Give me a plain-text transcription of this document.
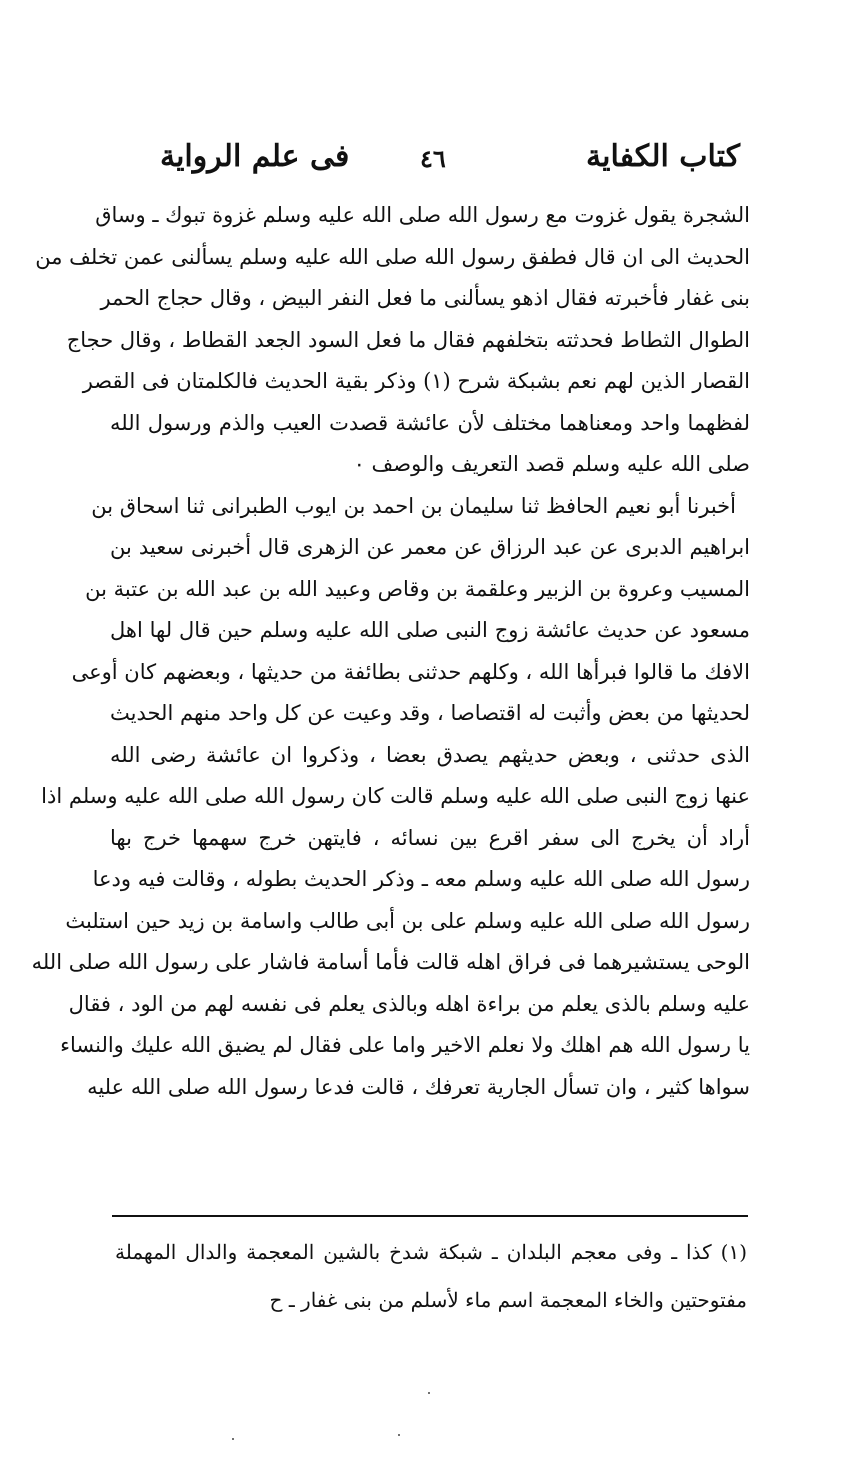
كتاب الكفاية
٤٦
فى علم الرواية
الشجرة يقول غزوت مع رسول الله صلى الله عليه وسلم غزوة تبوك ـ وساق
الحديث الى ان قال فطفق رسول الله صلى الله عليه وسلم يسألنى عمن تخلف من
بنى غفار فأخبرته فقال اذهو يسألنى ما فعل النفر البيض ، وقال حجاج الحمر
الطوال الثطاط فحدثته بتخلفهم فقال ما فعل السود الجعد القطاط ، وقال حجاج
القصار الذين لهم نعم بشبكة شرح (١) وذكر بقية الحديث فالكلمتان فى القصر
لفظهما واحد ومعناهما مختلف لأن عائشة قصدت العيب والذم ورسول الله
صلى الله عليه وسلم قصد التعريف والوصف ٠
أخبرنا أبو نعيم الحافظ ثنا سليمان بن احمد بن ايوب الطبرانى ثنا اسحاق بن
ابراهيم الدبرى عن عبد الرزاق عن معمر عن الزهرى قال أخبرنى سعيد بن
المسيب وعروة بن الزبير وعلقمة بن وقاص وعبيد الله بن عبد الله بن عتبة بن
مسعود عن حديث عائشة زوج النبى صلى الله عليه وسلم حين قال لها اهل
الافك ما قالوا فبرأها الله ، وكلهم حدثنى بطائفة من حديثها ، وبعضهم كان أوعى
لحديثها من بعض وأثبت له اقتصاصا ، وقد وعيت عن كل واحد منهم الحديث
الذى حدثنى ، وبعض حديثهم يصدق بعضا ، وذكروا ان عائشة رضى الله
عنها زوج النبى صلى الله عليه وسلم قالت كان رسول الله صلى الله عليه وسلم اذا
أراد أن يخرج الى سفر اقرع بين نسائه ، فايتهن خرج سهمها خرج بها
رسول الله صلى الله عليه وسلم معه ـ وذكر الحديث بطوله ، وقالت فيه ودعا
رسول الله صلى الله عليه وسلم على بن أبى طالب واسامة بن زيد حين استلبث
الوحى يستشيرهما فى فراق اهله قالت فأما أسامة فاشار على رسول الله صلى الله
عليه وسلم بالذى يعلم من براءة اهله وبالذى يعلم فى نفسه لهم من الود ، فقال
يا رسول الله هم اهلك ولا نعلم الاخير واما على فقال لم يضيق الله عليك والنساء
سواها كثير ، وان تسأل الجارية تعرفك ، قالت فدعا رسول الله صلى الله عليه
(١) كذا ـ وفى معجم البلدان ـ شبكة شدخ بالشين المعجمة والدال المهملة
مفتوحتين والخاء المعجمة اسم ماء لأسلم من بنى غفار ـ ح
